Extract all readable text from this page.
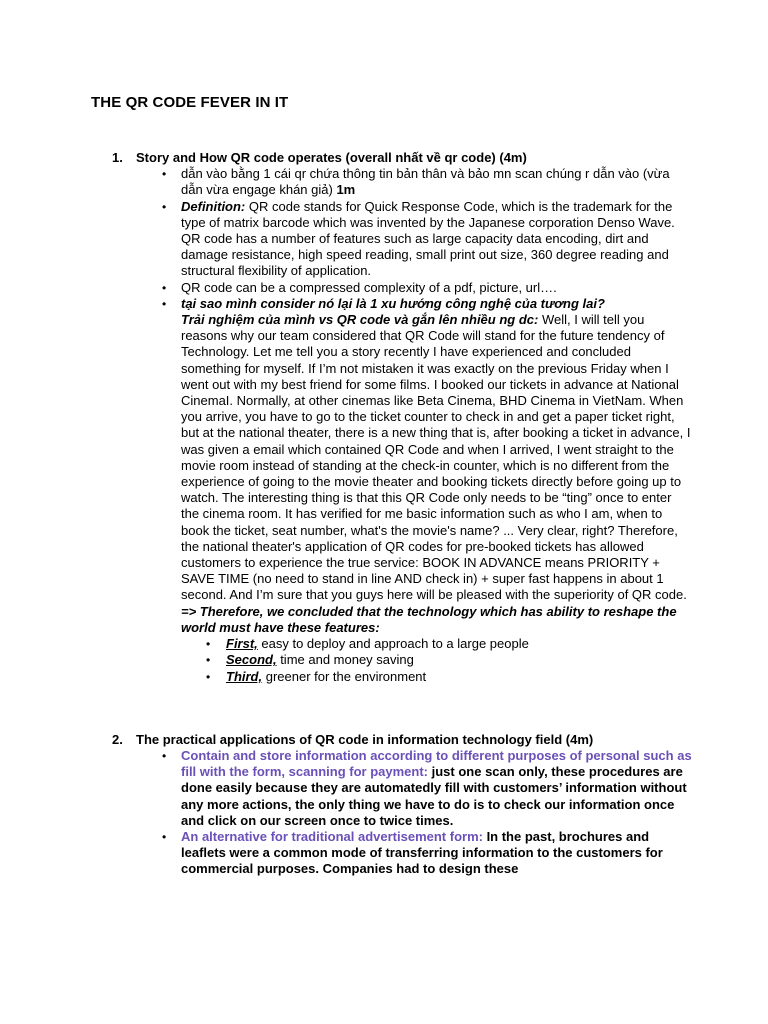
THE QR CODE FEVER IN IT
1. Story and How QR code operates (overall nhất về qr code) (4m)
• dẫn vào bằng 1 cái qr chứa thông tin bản thân và bảo mn scan chúng r dẫn vào (vừa dẫn vừa engage khán giả) 1m
• Definition: QR code stands for Quick Response Code, which is the trademark for the type of matrix barcode which was invented by the Japanese corporation Denso Wave. QR code has a number of features such as large capacity data encoding, dirt and damage resistance, high speed reading, small print out size, 360 degree reading and structural flexibility of application.
• QR code can be a compressed complexity of a pdf, picture, url….
• tại sao mình consider nó lại là 1 xu hướng công nghệ của tương lai?
Trải nghiệm của mình vs QR code và gắn lên nhiều ng dc: Well, I will tell you reasons why our team considered that QR Code will stand for the future tendency of Technology. Let me tell you a story recently I have experienced and concluded something for myself. If I’m not mistaken it was exactly on the previous Friday when I went out with my best friend for some films. I booked our tickets in advance at National CinemaI. Normally, at other cinemas like Beta Cinema, BHD Cinema in VietNam. When you arrive, you have to go to the ticket counter to check in and get a paper ticket right, but at the national theater, there is a new thing that is, after booking a ticket in advance, I was given a email which contained QR Code and when I arrived, I went straight to the movie room instead of standing at the check-in counter, which is no different from the experience of going to the movie theater and booking tickets directly before going up to watch. The interesting thing is that this QR Code only needs to be “ting” once to enter the cinema room. It has verified for me basic information such as who I am, when to book the ticket, seat number, what's the movie's name? ... Very clear, right? Therefore, the national theater's application of QR codes for pre-booked tickets has allowed customers to experience the true service: BOOK IN ADVANCE means PRIORITY + SAVE TIME (no need to stand in line AND check in) + super fast happens in about 1 second. And I’m sure that you guys here will be pleased with the superiority of QR code.
=> Therefore, we concluded that the technology which has ability to reshape the world must have these features:
• First, easy to deploy and approach to a large people
• Second, time and money saving
• Third, greener for the environment
2. The practical applications of QR code in information technology field (4m)
• Contain and store information according to different purposes of personal such as fill with the form, scanning for payment: just one scan only, these procedures are done easily because they are automatedly fill with customers’ information without any more actions, the only thing we have to do is to check our information once and click on our screen once to twice times.
• An alternative for traditional advertisement form: In the past, brochures and leaflets were a common mode of transferring information to the customers for commercial purposes. Companies had to design these
